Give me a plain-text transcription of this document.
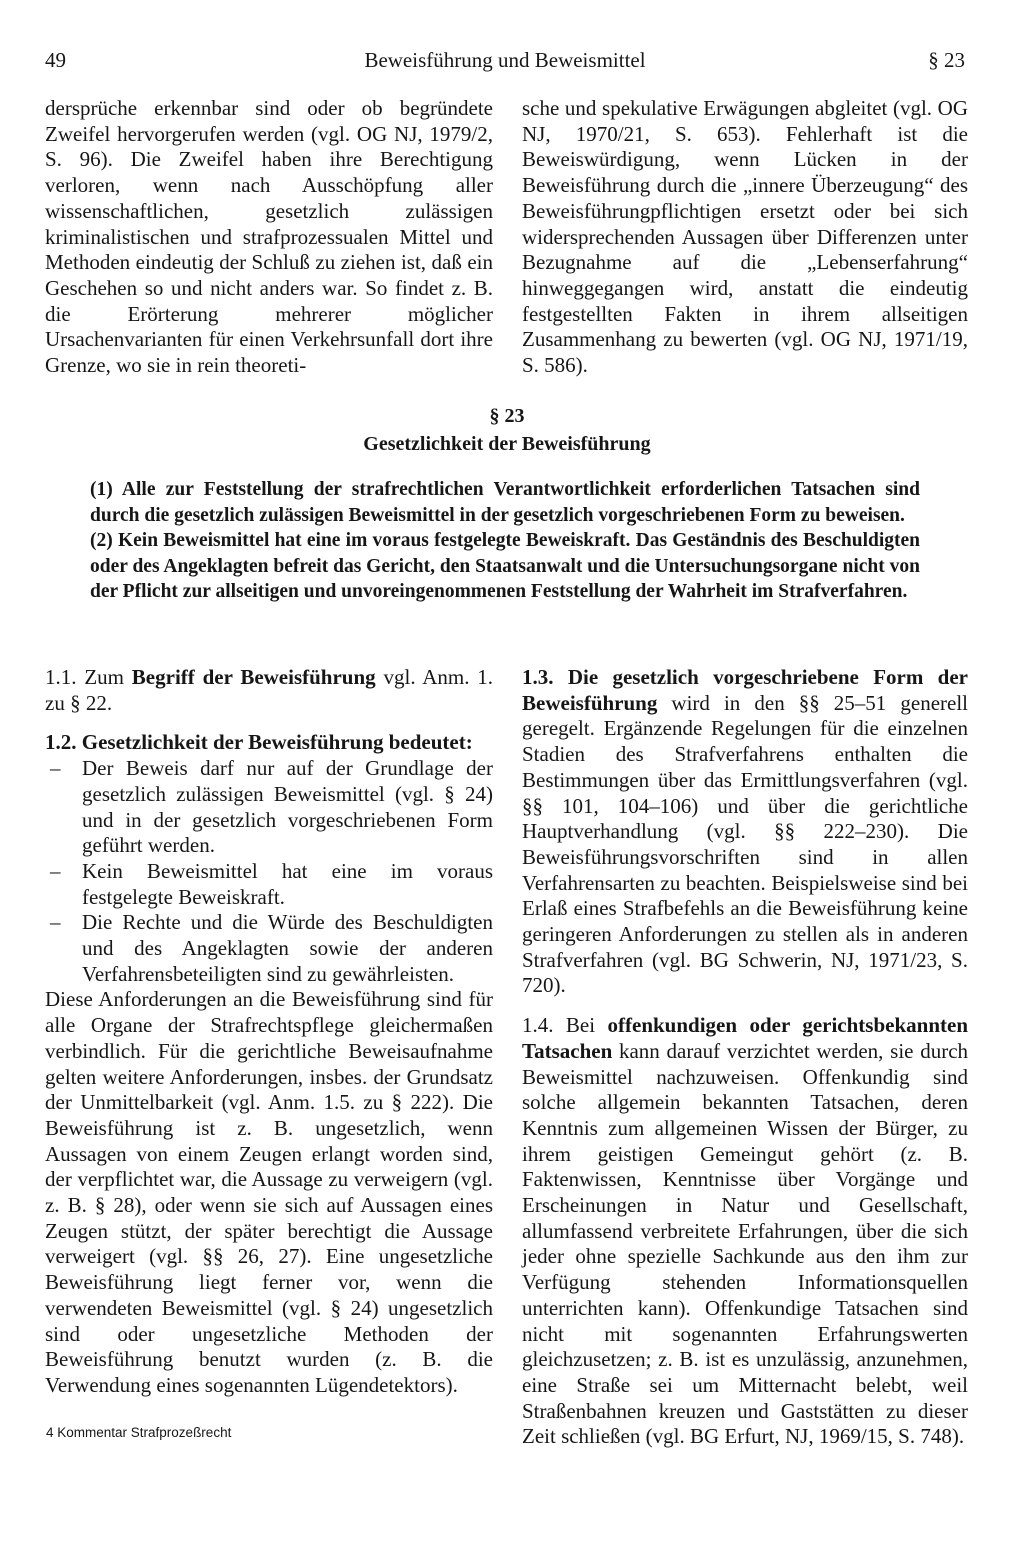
49	Beweisführung und Beweismittel	§ 23

dersprüche erkennbar sind oder ob begründete Zweifel hervorgerufen werden (vgl. OG NJ, 1979/2, S. 96). Die Zweifel haben ihre Berechtigung verloren, wenn nach Ausschöpfung aller wissenschaftlichen, gesetzlich zulässigen kriminalistischen und strafprozessualen Mittel und Methoden eindeutig der Schluß zu ziehen ist, daß ein Geschehen so und nicht anders war. So findet z. B. die Erörterung mehrerer möglicher Ursachenvarianten für einen Verkehrsunfall dort ihre Grenze, wo sie in rein theoreti-

sche und spekulative Erwägungen abgleitet (vgl. OG NJ, 1970/21, S. 653). Fehlerhaft ist die Beweiswürdigung, wenn Lücken in der Beweisführung durch die „innere Überzeugung“ des Beweisführungpflichtigen ersetzt oder bei sich widersprechenden Aussagen über Differenzen unter Bezugnahme auf die „Lebenserfahrung“ hinweggegangen wird, anstatt die eindeutig festgestellten Fakten in ihrem allseitigen Zusammenhang zu bewerten (vgl. OG NJ, 1971/19, S. 586).

§ 23
Gesetzlichkeit der Beweisführung

(1) Alle zur Feststellung der strafrechtlichen Verantwortlichkeit erforderlichen Tatsachen sind durch die gesetzlich zulässigen Beweismittel in der gesetzlich vorgeschriebenen Form zu beweisen.

(2) Kein Beweismittel hat eine im voraus festgelegte Beweiskraft. Das Geständnis des Beschuldigten oder des Angeklagten befreit das Gericht, den Staatsanwalt und die Untersuchungsorgane nicht von der Pflicht zur allseitigen und unvoreingenommenen Feststellung der Wahrheit im Strafverfahren.

1.1. Zum Begriff der Beweisführung vgl. Anm. 1. zu § 22.

1.2. Gesetzlichkeit der Beweisführung bedeutet:

– Der Beweis darf nur auf der Grundlage der gesetzlich zulässigen Beweismittel (vgl. § 24) und in der gesetzlich vorgeschriebenen Form geführt werden.
– Kein Beweismittel hat eine im voraus festgelegte Beweiskraft.
– Die Rechte und die Würde des Beschuldigten und des Angeklagten sowie der anderen Verfahrensbeteiligten sind zu gewährleisten.

Diese Anforderungen an die Beweisführung sind für alle Organe der Strafrechtspflege gleichermaßen verbindlich. Für die gerichtliche Beweisaufnahme gelten weitere Anforderungen, insbes. der Grundsatz der Unmittelbarkeit (vgl. Anm. 1.5. zu § 222). Die Beweisführung ist z. B. ungesetzlich, wenn Aussagen von einem Zeugen erlangt worden sind, der verpflichtet war, die Aussage zu verweigern (vgl. z. B. § 28), oder wenn sie sich auf Aussagen eines Zeugen stützt, der später berechtigt die Aussage verweigert (vgl. §§ 26, 27). Eine ungesetzliche Beweisführung liegt ferner vor, wenn die verwendeten Beweismittel (vgl. § 24) ungesetzlich sind oder ungesetzliche Methoden der Beweisführung benutzt wurden (z. B. die Verwendung eines sogenannten Lügendetektors).

1.3. Die gesetzlich vorgeschriebene Form der Beweisführung wird in den §§ 25–51 generell geregelt. Ergänzende Regelungen für die einzelnen Stadien des Strafverfahrens enthalten die Bestimmungen über das Ermittlungsverfahren (vgl. §§ 101, 104–106) und über die gerichtliche Hauptverhandlung (vgl. §§ 222–230). Die Beweisführungsvorschriften sind in allen Verfahrensarten zu beachten. Beispielsweise sind bei Erlaß eines Strafbefehls an die Beweisführung keine geringeren Anforderungen zu stellen als in anderen Strafverfahren (vgl. BG Schwerin, NJ, 1971/23, S. 720).

1.4. Bei offenkundigen oder gerichtsbekannten Tatsachen kann darauf verzichtet werden, sie durch Beweismittel nachzuweisen. Offenkundig sind solche allgemein bekannten Tatsachen, deren Kenntnis zum allgemeinen Wissen der Bürger, zu ihrem geistigen Gemeingut gehört (z. B. Faktenwissen, Kenntnisse über Vorgänge und Erscheinungen in Natur und Gesellschaft, allumfassend verbreitete Erfahrungen, über die sich jeder ohne spezielle Sachkunde aus den ihm zur Verfügung stehenden Informationsquellen unterrichten kann). Offenkundige Tatsachen sind nicht mit sogenannten Erfahrungswerten gleichzusetzen; z. B. ist es unzulässig, anzunehmen, eine Straße sei um Mitternacht belebt, weil Straßenbahnen kreuzen und Gaststätten zu dieser Zeit schließen (vgl. BG Erfurt, NJ, 1969/15, S. 748).

4 Kommentar Strafprozeßrecht
